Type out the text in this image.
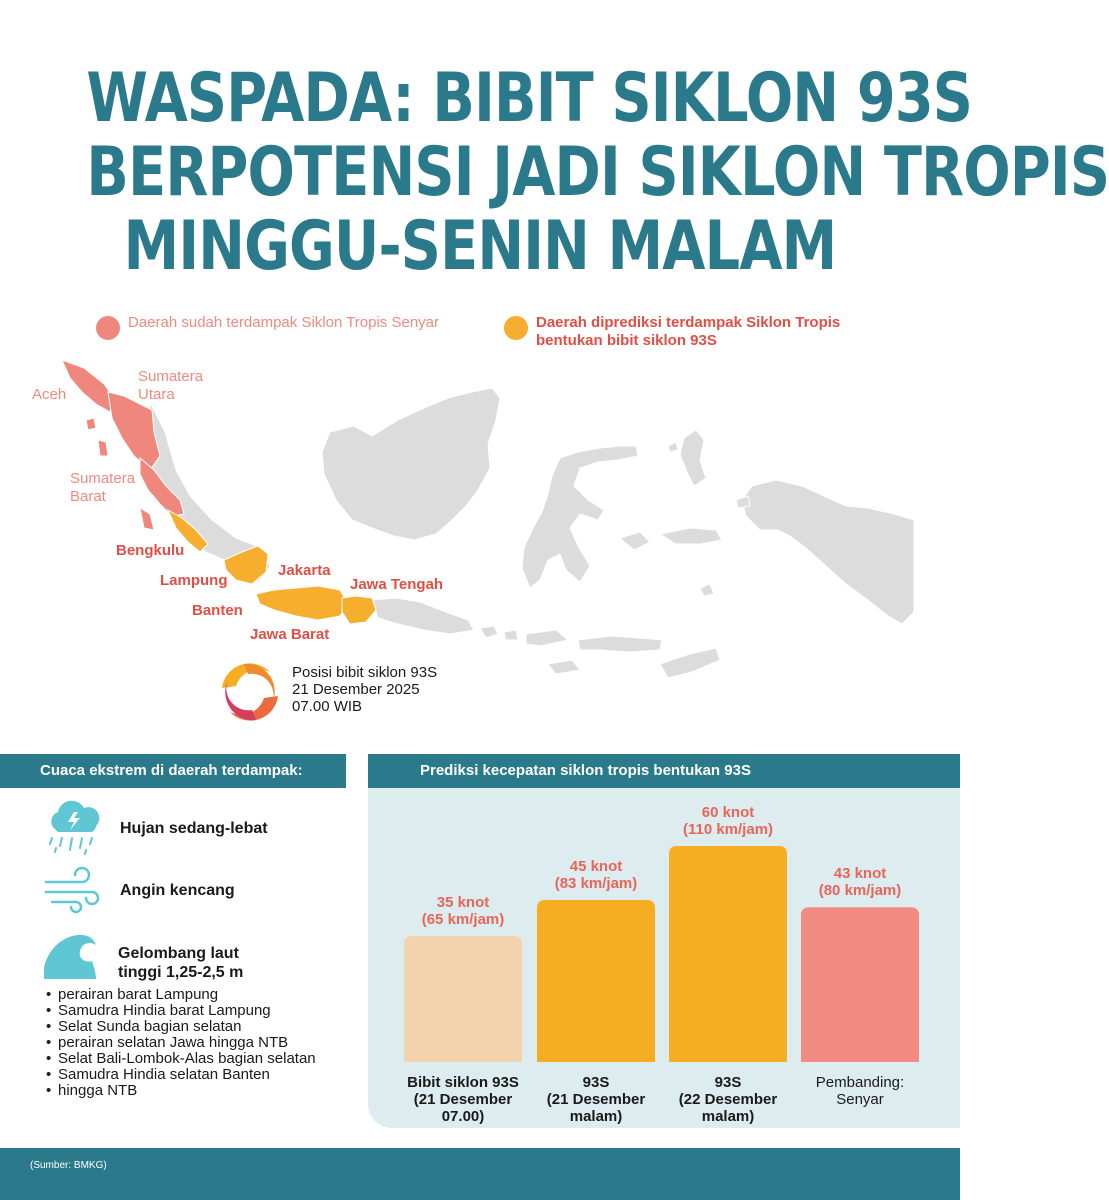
WASPADA: BIBIT SIKLON 93S
BERPOTENSI JADI SIKLON TROPIS
MINGGU-SENIN MALAM
Daerah sudah terdampak Siklon Tropis Senyar	Daerah diprediksi terdampak Siklon Tropis
bentukan bibit siklon 93S
Aceh
Sumatera
Utara
Sumatera
Barat
Bengkulu
Lampung
Banten
Jakarta
Jawa Barat
Jawa Tengah
Posisi bibit siklon 93S
21 Desember 2025
07.00 WIB
Cuaca ekstrem di daerah terdampak:
Hujan sedang-lebat
Angin kencang
Gelombang laut
tinggi 1,25-2,5 m
• perairan barat Lampung
• Samudra Hindia barat Lampung
• Selat Sunda bagian selatan
• perairan selatan Jawa hingga NTB
• Selat Bali-Lombok-Alas bagian selatan
• Samudra Hindia selatan Banten
• hingga NTB
Prediksi kecepatan siklon tropis bentukan 93S
35 knot
(65 km/jam)
Bibit siklon 93S
(21 Desember
07.00)
45 knot
(83 km/jam)
93S
(21 Desember
malam)
60 knot
(110 km/jam)
93S
(22 Desember
malam)
43 knot
(80 km/jam)
Pembanding:
Senyar
(Sumber: BMKG)
